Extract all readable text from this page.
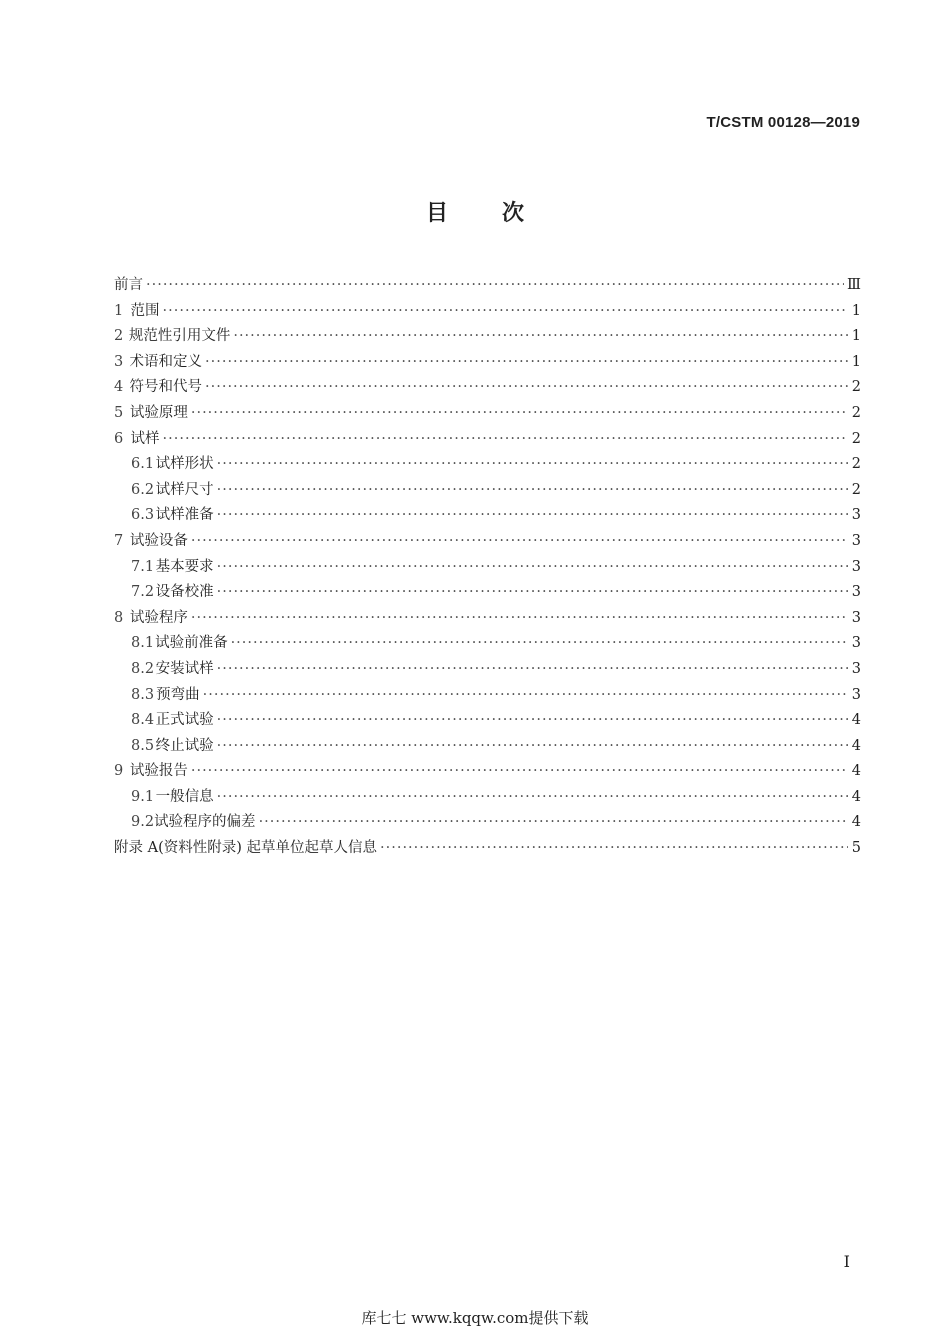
T/CSTM 00128—2019
目 次
前言 ·····	Ⅲ
1 范围 ·····	1
2 规范性引用文件 ·····	1
3 术语和定义 ·····	1
4 符号和代号 ·····	2
5 试验原理 ·····	2
6 试样 ·····	2
6.1 试样形状 ·····	2
6.2 试样尺寸 ·····	2
6.3 试样准备 ·····	3
7 试验设备 ·····	3
7.1 基本要求 ·····	3
7.2 设备校准 ·····	3
8 试验程序 ·····	3
8.1 试验前准备 ·····	3
8.2 安装试样 ·····	3
8.3 预弯曲 ·····	3
8.4 正式试验 ·····	4
8.5 终止试验 ·····	4
9 试验报告 ·····	4
9.1 一般信息 ·····	4
9.2 试验程序的偏差 ·····	4
附录 A(资料性附录) 起草单位起草人信息 ·····	5
I
库七七 www.kqqw.com提供下载
